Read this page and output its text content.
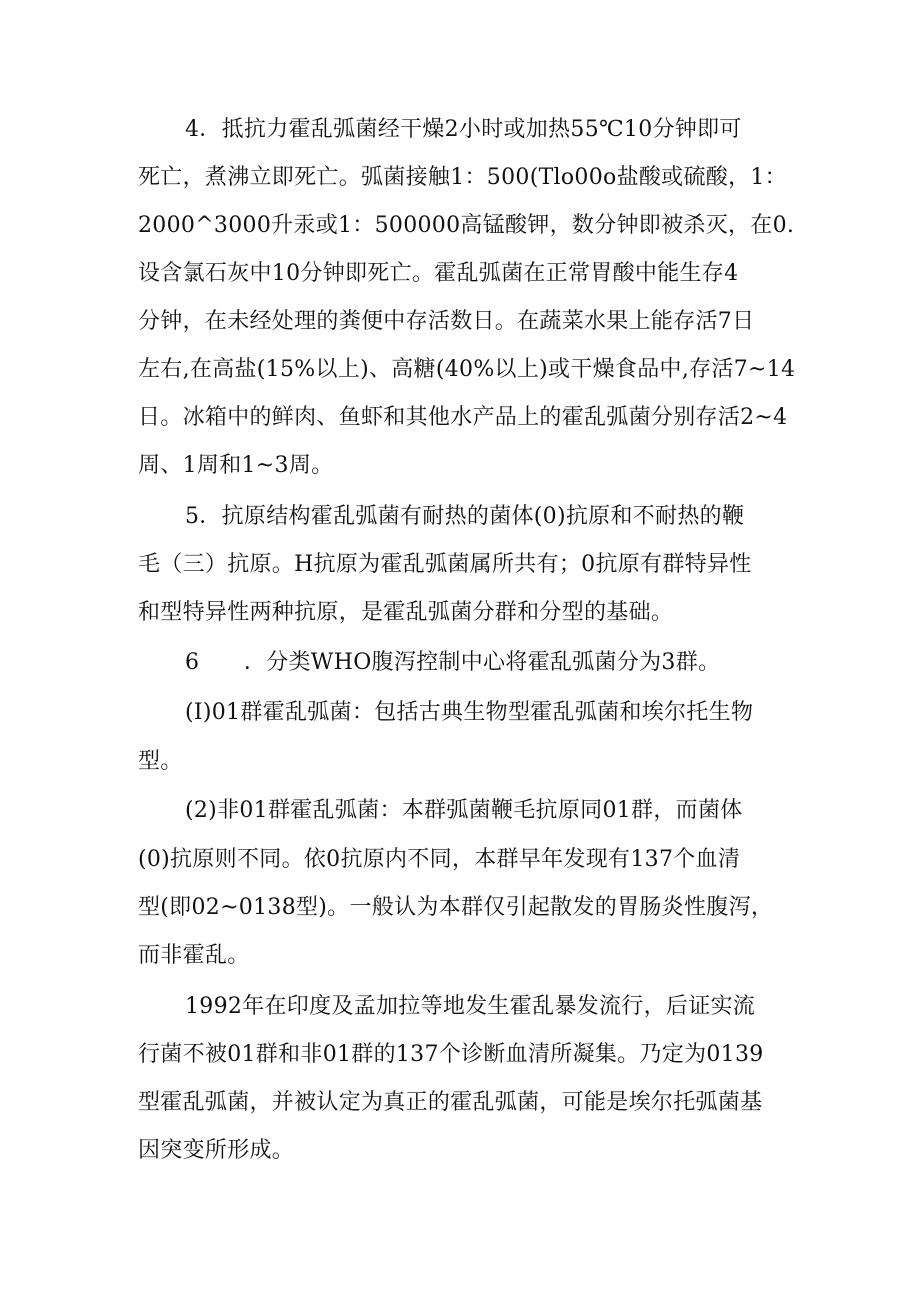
4．抵抗力霍乱弧菌经干燥2小时或加热55℃10分钟即可
死亡，煮沸立即死亡。弧菌接触1：500(Tlo00o盐酸或硫酸，1：
2000^3000升汞或1：500000高锰酸钾，数分钟即被杀灭，在0.
设含氯石灰中10分钟即死亡。霍乱弧菌在正常胃酸中能生存4
分钟，在未经处理的粪便中存活数日。在蔬菜水果上能存活7日
左右,在高盐(15%以上)、高糖(40%以上)或干燥食品中,存活7~14
日。冰箱中的鲜肉、鱼虾和其他水产品上的霍乱弧菌分别存活2~4
周、1周和1~3周。
5．抗原结构霍乱弧菌有耐热的菌体(0)抗原和不耐热的鞭
毛（三）抗原。H抗原为霍乱弧菌属所共有；0抗原有群特异性
和型特异性两种抗原，是霍乱弧菌分群和分型的基础。
6　　．分类WHO腹泻控制中心将霍乱弧菌分为3群。
(I)01群霍乱弧菌：包括古典生物型霍乱弧菌和埃尔托生物
型。
(2)非01群霍乱弧菌：本群弧菌鞭毛抗原同01群，而菌体
(0)抗原则不同。依0抗原内不同，本群早年发现有137个血清
型(即02~0138型)。一般认为本群仅引起散发的胃肠炎性腹泻，
而非霍乱。
1992年在印度及孟加拉等地发生霍乱暴发流行，后证实流
行菌不被01群和非01群的137个诊断血清所凝集。乃定为0139
型霍乱弧菌，并被认定为真正的霍乱弧菌，可能是埃尔托弧菌基
因突变所形成。
